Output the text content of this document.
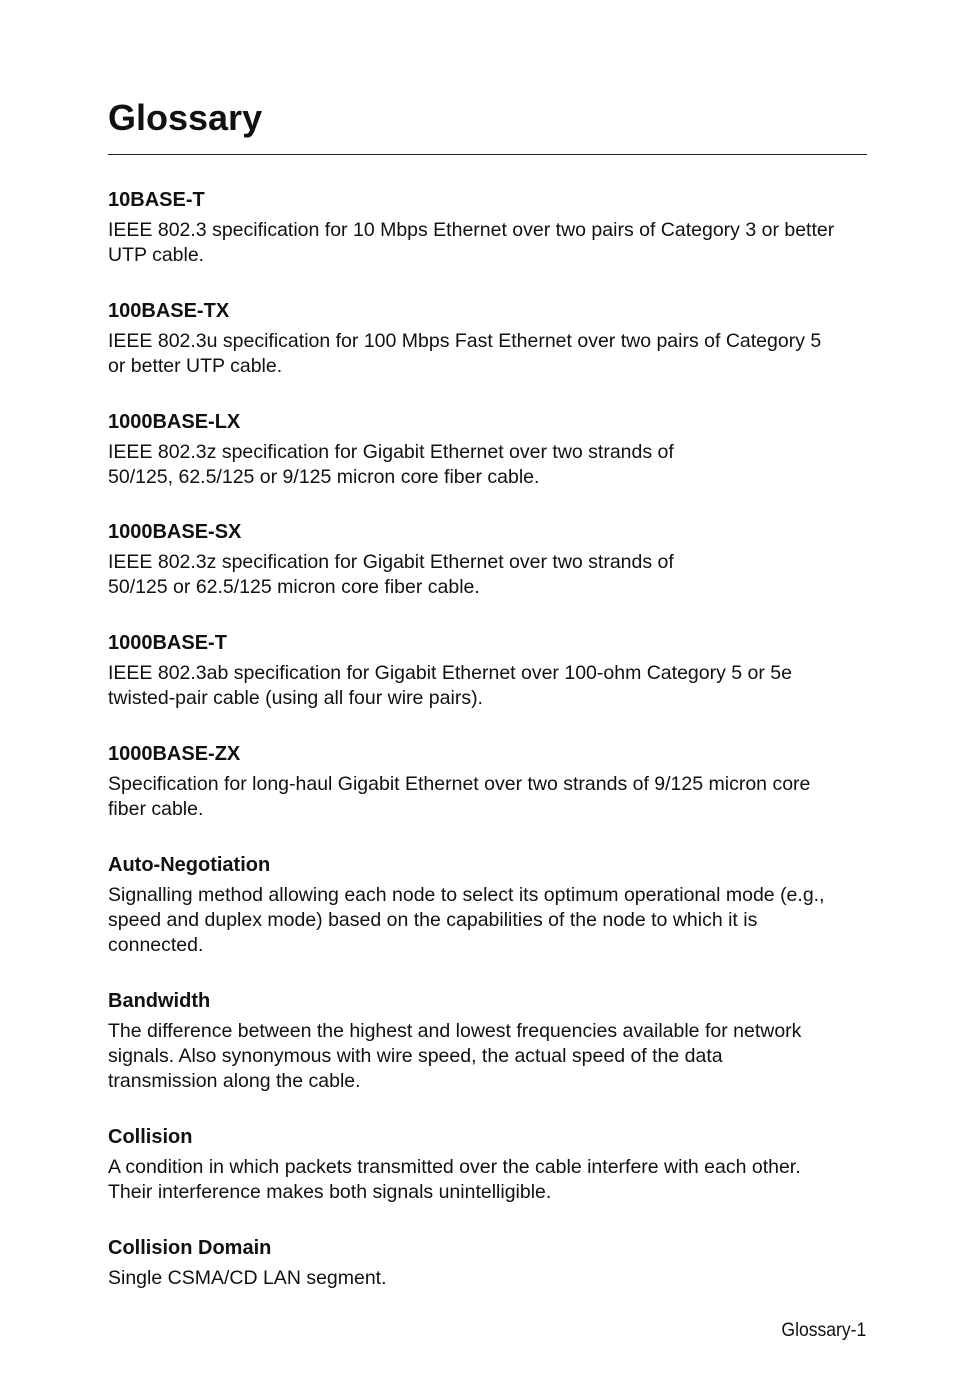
Glossary
10BASE-T

IEEE 802.3 specification for 10 Mbps Ethernet over two pairs of Category 3 or better
UTP cable.

100BASE-TX

IEEE 802.3u specification for 100 Mbps Fast Ethernet over two pairs of Category 5
or better UTP cable.

1000BASE-LX

IEEE 802.3z specification for Gigabit Ethernet over two strands of
50/125, 62.5/125 or 9/125 micron core fiber cable.

1000BASE-SX

IEEE 802.3z specification for Gigabit Ethernet over two strands of
50/125 or 62.5/125 micron core fiber cable.

1000BASE-T

IEEE 802.3ab specification for Gigabit Ethernet over 100-ohm Category 5 or 5e
twisted-pair cable (using all four wire pairs).

1000BASE-ZX

Specification for long-haul Gigabit Ethernet over two strands of 9/125 micron core
fiber cable.

Auto-Negotiation

Signalling method allowing each node to select its optimum operational mode (e.g.,
speed and duplex mode) based on the capabilities of the node to which it is
connected.

Bandwidth

The difference between the highest and lowest frequencies available for network
signals. Also synonymous with wire speed, the actual speed of the data
transmission along the cable.

Collision

A condition in which packets transmitted over the cable interfere with each other.
Their interference makes both signals unintelligible.

Collision Domain

Single CSMA/CD LAN segment.

Glossary-1
